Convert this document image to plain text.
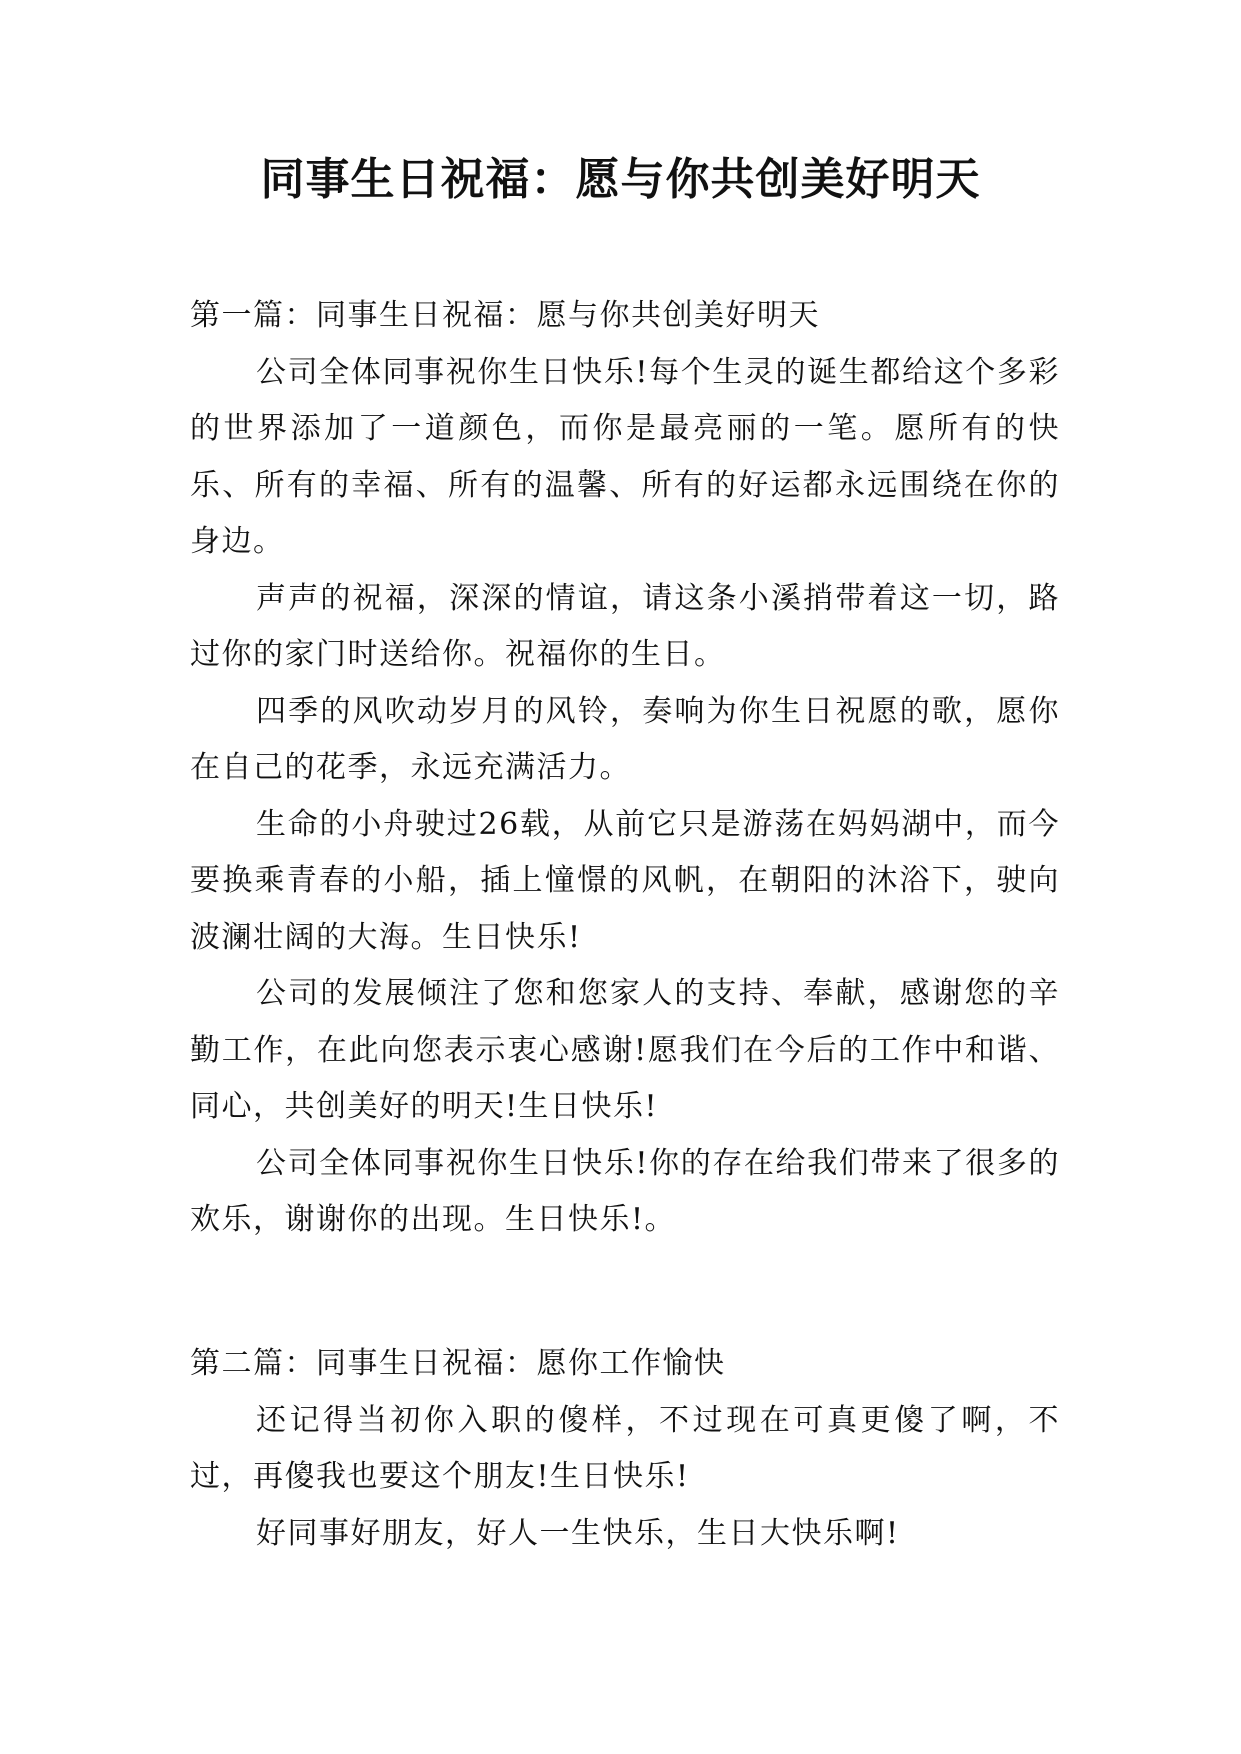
同事生日祝福：愿与你共创美好明天
第一篇：同事生日祝福：愿与你共创美好明天

公司全体同事祝你生日快乐!每个生灵的诞生都给这个多彩的世界添加了一道颜色，而你是最亮丽的一笔。愿所有的快乐、所有的幸福、所有的温馨、所有的好运都永远围绕在你的身边。

声声的祝福，深深的情谊，请这条小溪捎带着这一切，路过你的家门时送给你。祝福你的生日。

四季的风吹动岁月的风铃，奏响为你生日祝愿的歌，愿你在自己的花季，永远充满活力。

生命的小舟驶过26载，从前它只是游荡在妈妈湖中，而今要换乘青春的小船，插上憧憬的风帆，在朝阳的沐浴下，驶向波澜壮阔的大海。生日快乐!

公司的发展倾注了您和您家人的支持、奉献，感谢您的辛勤工作，在此向您表示衷心感谢!愿我们在今后的工作中和谐、同心，共创美好的明天!生日快乐!

公司全体同事祝你生日快乐!你的存在给我们带来了很多的欢乐，谢谢你的出现。生日快乐!。

第二篇：同事生日祝福：愿你工作愉快

还记得当初你入职的傻样，不过现在可真更傻了啊，不过，再傻我也要这个朋友!生日快乐!

好同事好朋友，好人一生快乐，生日大快乐啊!
